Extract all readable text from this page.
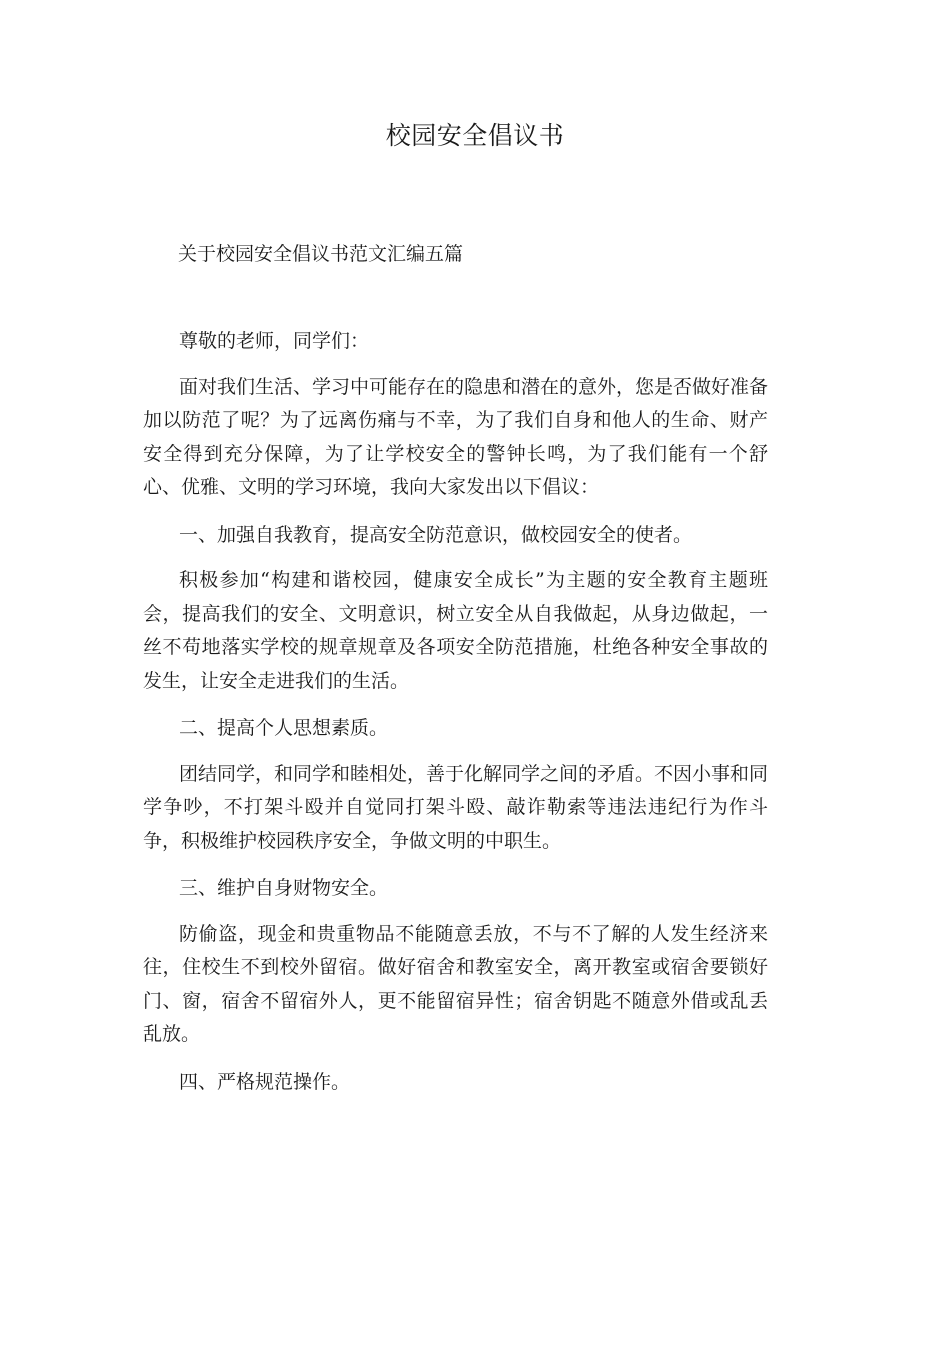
校园安全倡议书

关于校园安全倡议书范文汇编五篇

尊敬的老师，同学们：

面对我们生活、学习中可能存在的隐患和潜在的意外，您是否做好准备加以防范了呢？为了远离伤痛与不幸，为了我们自身和他人的生命、财产安全得到充分保障，为了让学校安全的警钟长鸣，为了我们能有一个舒心、优雅、文明的学习环境，我向大家发出以下倡议：

一、加强自我教育，提高安全防范意识，做校园安全的使者。

积极参加“构建和谐校园，健康安全成长”为主题的安全教育主题班会，提高我们的安全、文明意识，树立安全从自我做起，从身边做起，一丝不苟地落实学校的规章规章及各项安全防范措施，杜绝各种安全事故的发生，让安全走进我们的生活。

二、提高个人思想素质。

团结同学，和同学和睦相处，善于化解同学之间的矛盾。不因小事和同学争吵，不打架斗殴并自觉同打架斗殴、敲诈勒索等违法违纪行为作斗争，积极维护校园秩序安全，争做文明的中职生。

三、维护自身财物安全。

防偷盗，现金和贵重物品不能随意丢放，不与不了解的人发生经济来往，住校生不到校外留宿。做好宿舍和教室安全，离开教室或宿舍要锁好门、窗，宿舍不留宿外人，更不能留宿异性；宿舍钥匙不随意外借或乱丢乱放。

四、严格规范操作。
